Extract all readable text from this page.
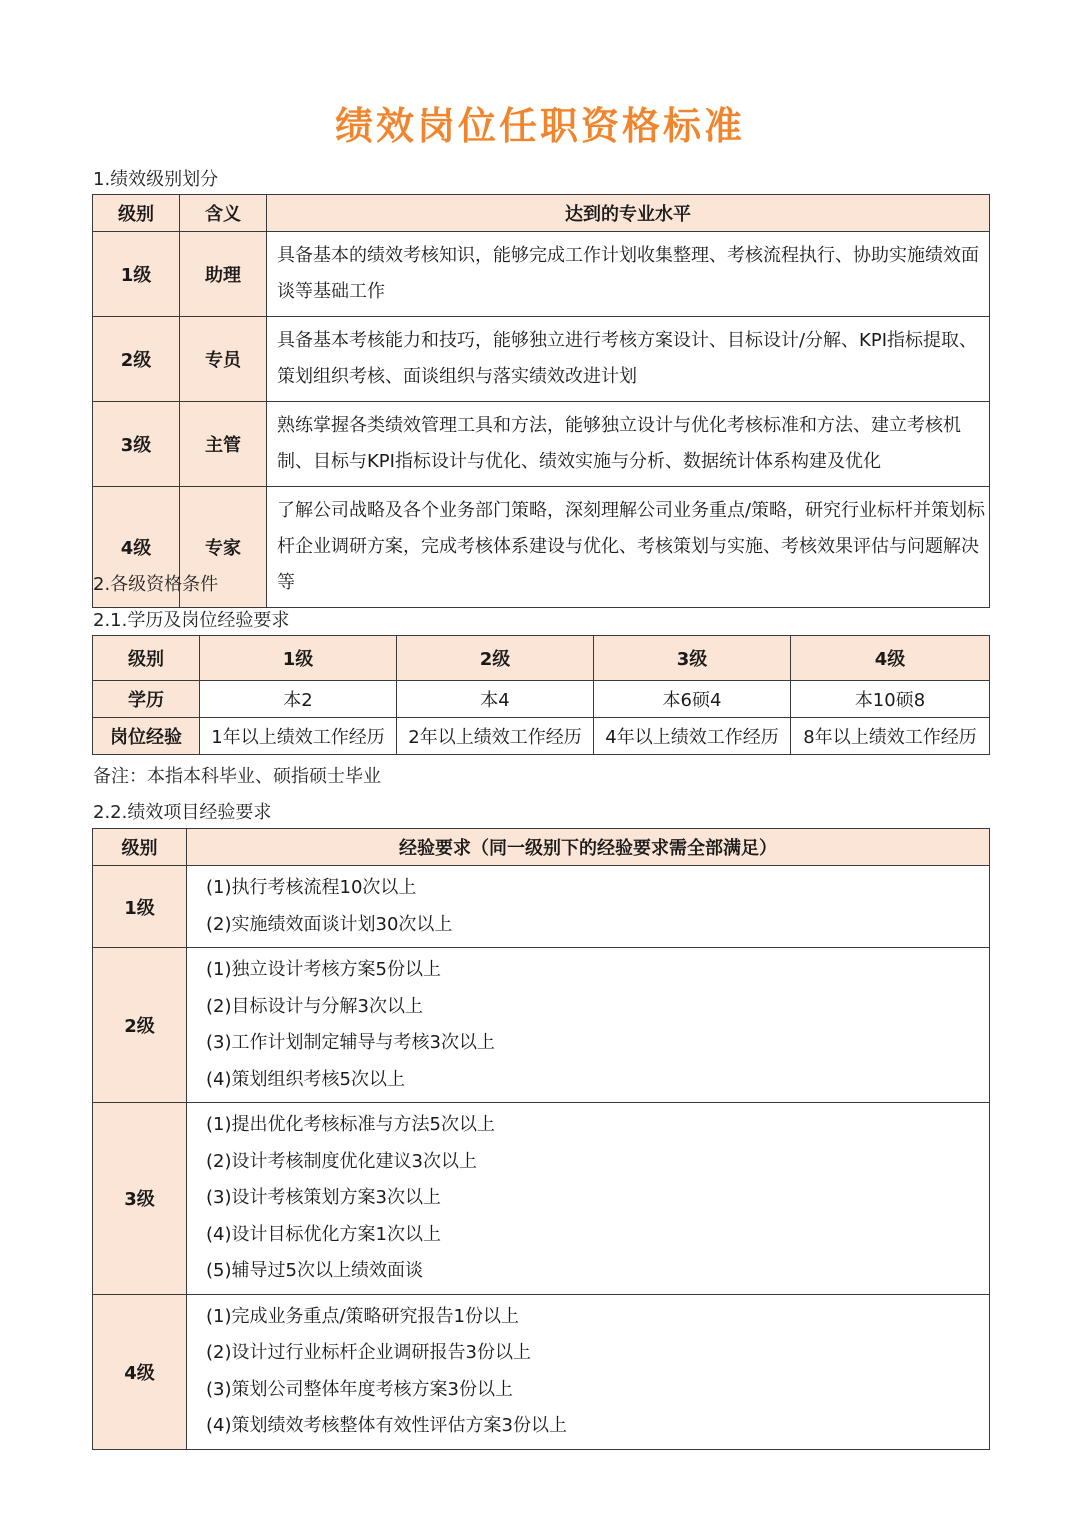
绩效岗位任职资格标准
1.绩效级别划分
级别	含义	达到的专业水平
1级	助理	具备基本的绩效考核知识，能够完成工作计划收集整理、考核流程执行、协助实施绩效面谈等基础工作
2级	专员	具备基本考核能力和技巧，能够独立进行考核方案设计、目标设计/分解、KPI指标提取、策划组织考核、面谈组织与落实绩效改进计划
3级	主管	熟练掌握各类绩效管理工具和方法，能够独立设计与优化考核标准和方法、建立考核机制、目标与KPI指标设计与优化、绩效实施与分析、数据统计体系构建及优化
4级	专家	了解公司战略及各个业务部门策略，深刻理解公司业务重点/策略，研究行业标杆并策划标杆企业调研方案，完成考核体系建设与优化、考核策划与实施、考核效果评估与问题解决等
2.各级资格条件
2.1.学历及岗位经验要求
级别	1级	2级	3级	4级
学历	本2	本4	本6硕4	本10硕8
岗位经验	1年以上绩效工作经历	2年以上绩效工作经历	4年以上绩效工作经历	8年以上绩效工作经历
备注：本指本科毕业、硕指硕士毕业
2.2.绩效项目经验要求
级别	经验要求（同一级别下的经验要求需全部满足）
1级	(1)执行考核流程10次以上
(2)实施绩效面谈计划30次以上

2级	(1)独立设计考核方案5份以上
(2)目标设计与分解3次以上
(3)工作计划制定辅导与考核3次以上
(4)策划组织考核5次以上

3级	(1)提出优化考核标准与方法5次以上
(2)设计考核制度优化建议3次以上
(3)设计考核策划方案3次以上
(4)设计目标优化方案1次以上
(5)辅导过5次以上绩效面谈

4级	(1)完成业务重点/策略研究报告1份以上
(2)设计过行业标杆企业调研报告3份以上
(3)策划公司整体年度考核方案3份以上
(4)策划绩效考核整体有效性评估方案3份以上
